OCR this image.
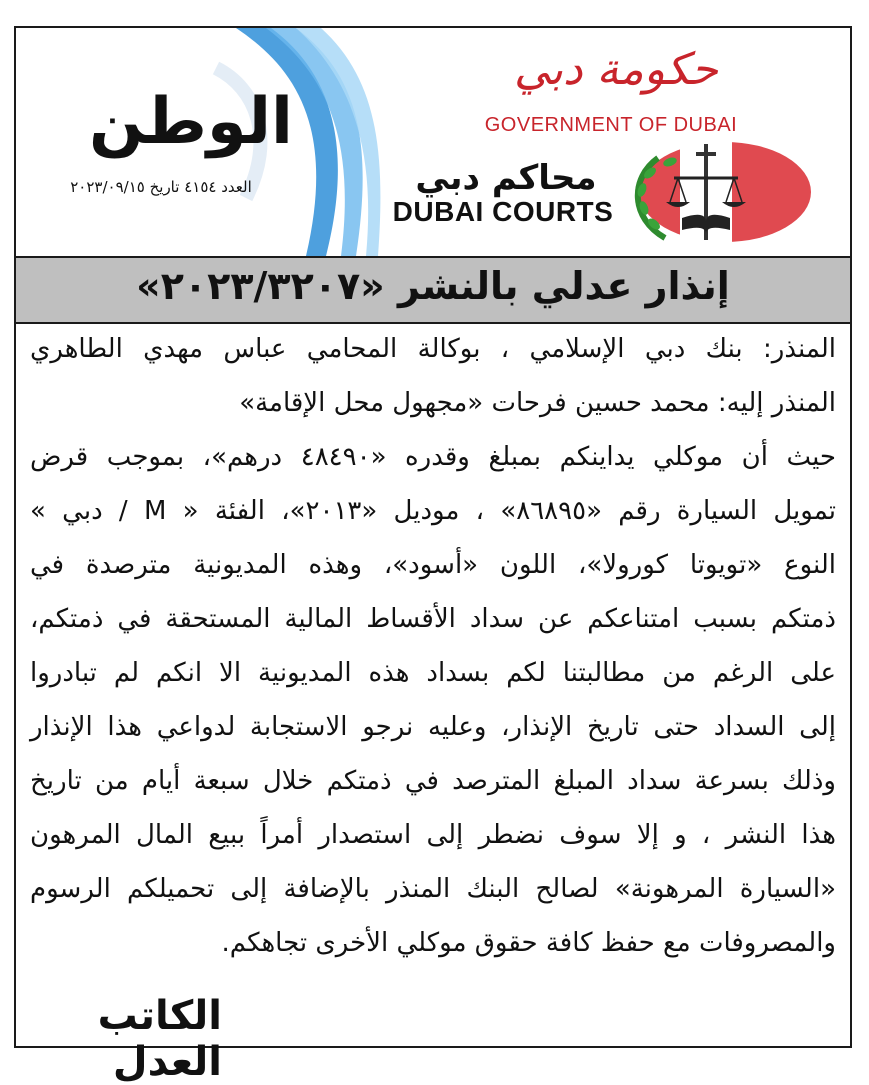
الوطن
العدد ٤١٥٤ تاريخ ٢٠٢٣/٠٩/١٥
حكومة دبي
GOVERNMENT OF DUBAI
محاكم دبي
DUBAI COURTS
إنذار عدلي بالنشر «٢٠٢٣/٣٢٠٧»
المنذر: بنك دبي الإسلامي ، بوكالة المحامي عباس مهدي الطاهري
المنذر إليه: محمد حسين فرحات «مجهول محل الإقامة»
حيث أن موكلي يداينكم بمبلغ وقدره «٤٨٤٩٠ درهم»، بموجب قرض
تمويل السيارة رقم «٨٦٨٩٥» ، موديل «٢٠١٣»، الفئة « M / دبي »
النوع «تويوتا كورولا»، اللون «أسود»، وهذه المديونية مترصدة في
ذمتكم بسبب امتناعكم عن سداد الأقساط المالية المستحقة في ذمتكم،
على الرغم من مطالبتنا لكم بسداد هذه المديونية الا انكم لم تبادروا
إلى السداد حتى تاريخ الإنذار، وعليه نرجو الاستجابة لدواعي هذا الإنذار
وذلك بسرعة سداد المبلغ المترصد في ذمتكم خلال سبعة أيام من تاريخ
هذا النشر ، و إلا سوف نضطر إلى استصدار أمراً ببيع المال المرهون
«السيارة المرهونة» لصالح البنك المنذر بالإضافة إلى تحميلكم الرسوم
والمصروفات مع حفظ كافة حقوق موكلي الأخرى تجاهكم.
الكاتب العدل
